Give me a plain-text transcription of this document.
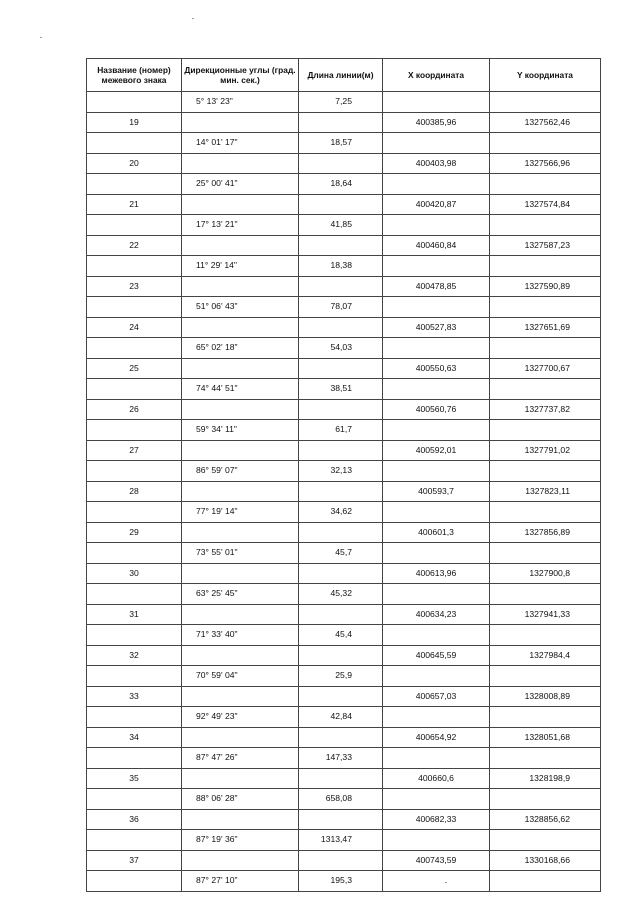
Название (номер) межевого знака	Дирекционные углы (град. мин. сек.)	Длина линии(м)	X координата	Y координата
	5° 13' 23"	7,25		
19			400385,96	1327562,46
	14° 01' 17"	18,57		
20			400403,98	1327566,96
	25° 00' 41"	18,64		
21			400420,87	1327574,84
	17° 13' 21"	41,85		
22			400460,84	1327587,23
	11° 29' 14"	18,38		
23			400478,85	1327590,89
	51° 06' 43"	78,07		
24			400527,83	1327651,69
	65° 02' 18"	54,03		
25			400550,63	1327700,67
	74° 44' 51"	38,51		
26			400560,76	1327737,82
	59° 34' 11"	61,7		
27			400592,01	1327791,02
	86° 59' 07"	32,13		
28			400593,7	1327823,11
	77° 19' 14"	34,62		
29			400601,3	1327856,89
	73° 55' 01"	45,7		
30			400613,96	1327900,8
	63° 25' 45"	45,32		
31			400634,23	1327941,33
	71° 33' 40"	45,4		
32			400645,59	1327984,4
	70° 59' 04"	25,9		
33			400657,03	1328008,89
	92° 49' 23"	42,84		
34			400654,92	1328051,68
	87° 47' 26"	147,33		
35			400660,6	1328198,9
	88° 06' 28"	658,08		
36			400682,33	1328856,62
	87° 19' 36"	1313,47		
37			400743,59	1330168,66
	87° 27' 10"	195,3		
